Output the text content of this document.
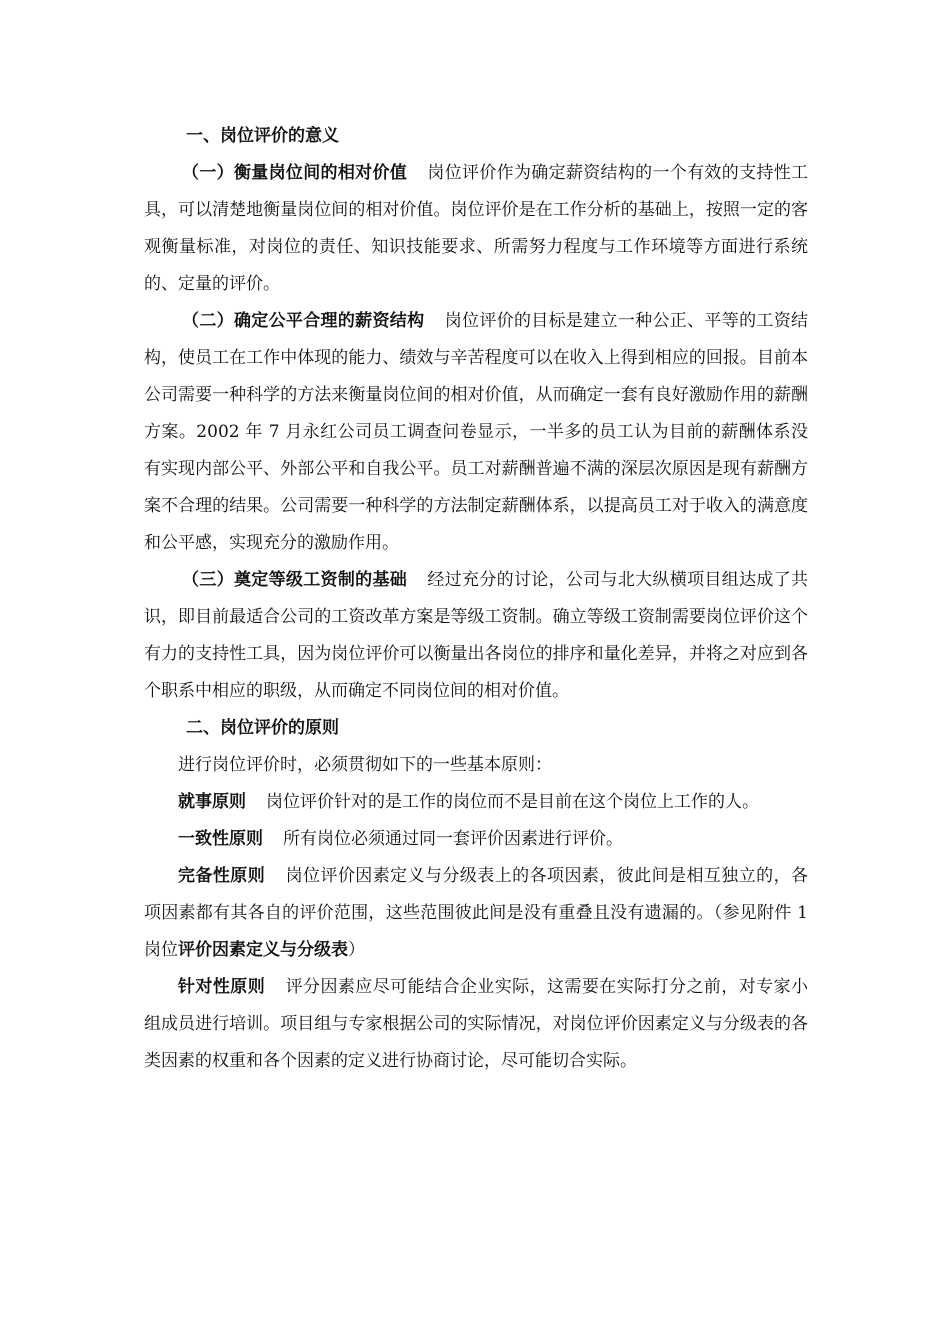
一、岗位评价的意义

（一）衡量岗位间的相对价值 岗位评价作为确定薪资结构的一个有效的支持性工具，可以清楚地衡量岗位间的相对价值。岗位评价是在工作分析的基础上，按照一定的客观衡量标准，对岗位的责任、知识技能要求、所需努力程度与工作环境等方面进行系统的、定量的评价。

（二）确定公平合理的薪资结构 岗位评价的目标是建立一种公正、平等的工资结构，使员工在工作中体现的能力、绩效与辛苦程度可以在收入上得到相应的回报。目前本公司需要一种科学的方法来衡量岗位间的相对价值，从而确定一套有良好激励作用的薪酬方案。2002 年 7 月永红公司员工调查问卷显示，一半多的员工认为目前的薪酬体系没有实现内部公平、外部公平和自我公平。员工对薪酬普遍不满的深层次原因是现有薪酬方案不合理的结果。公司需要一种科学的方法制定薪酬体系，以提高员工对于收入的满意度和公平感，实现充分的激励作用。

（三）奠定等级工资制的基础 经过充分的讨论，公司与北大纵横项目组达成了共识，即目前最适合公司的工资改革方案是等级工资制。确立等级工资制需要岗位评价这个有力的支持性工具，因为岗位评价可以衡量出各岗位的排序和量化差异，并将之对应到各个职系中相应的职级，从而确定不同岗位间的相对价值。

二、岗位评价的原则

进行岗位评价时，必须贯彻如下的一些基本原则：

就事原则 岗位评价针对的是工作的岗位而不是目前在这个岗位上工作的人。

一致性原则 所有岗位必须通过同一套评价因素进行评价。

完备性原则 岗位评价因素定义与分级表上的各项因素，彼此间是相互独立的，各项因素都有其各自的评价范围，这些范围彼此间是没有重叠且没有遗漏的。（参见附件 1 岗位评价因素定义与分级表）

针对性原则 评分因素应尽可能结合企业实际，这需要在实际打分之前，对专家小组成员进行培训。项目组与专家根据公司的实际情况，对岗位评价因素定义与分级表的各类因素的权重和各个因素的定义进行协商讨论，尽可能切合实际。
